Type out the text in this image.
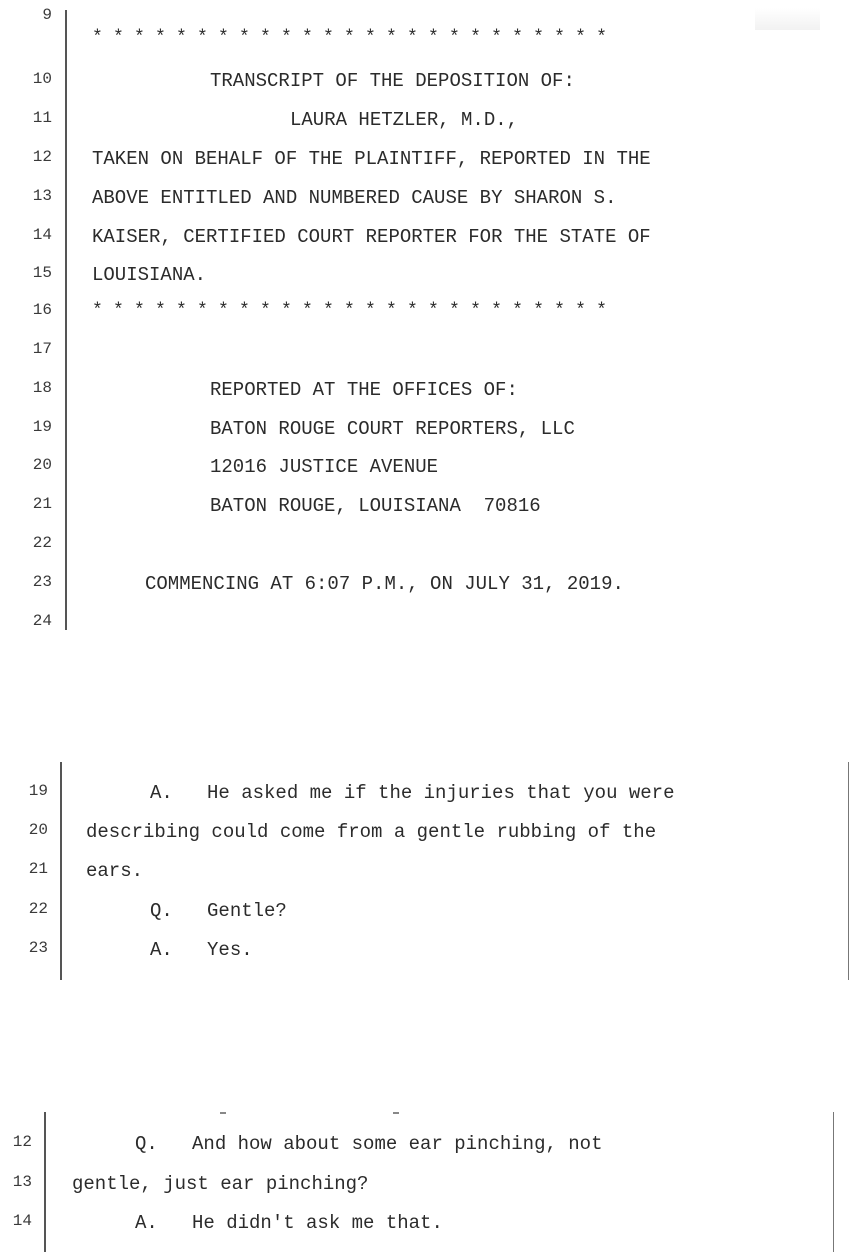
9
* * * * * * * * * * * * * * * * * * * * * * * * *
10	TRANSCRIPT OF THE DEPOSITION OF:
11	LAURA HETZLER, M.D.,
12 TAKEN ON BEHALF OF THE PLAINTIFF, REPORTED IN THE
13 ABOVE ENTITLED AND NUMBERED CAUSE BY SHARON S.
14 KAISER, CERTIFIED COURT REPORTER FOR THE STATE OF
15 LOUISIANA.
16 * * * * * * * * * * * * * * * * * * * * * * * * *
17
18	REPORTED AT THE OFFICES OF:
19	BATON ROUGE COURT REPORTERS, LLC
20	12016 JUSTICE AVENUE
21	BATON ROUGE, LOUISIANA  70816
22
23	COMMENCING AT 6:07 P.M., ON JULY 31, 2019.
24
19	A.   He asked me if the injuries that you were
20 describing could come from a gentle rubbing of the
21 ears.
22	Q.   Gentle?
23	A.   Yes.
12	Q.   And how about some ear pinching, not
13 gentle, just ear pinching?
14	A.   He didn't ask me that.
